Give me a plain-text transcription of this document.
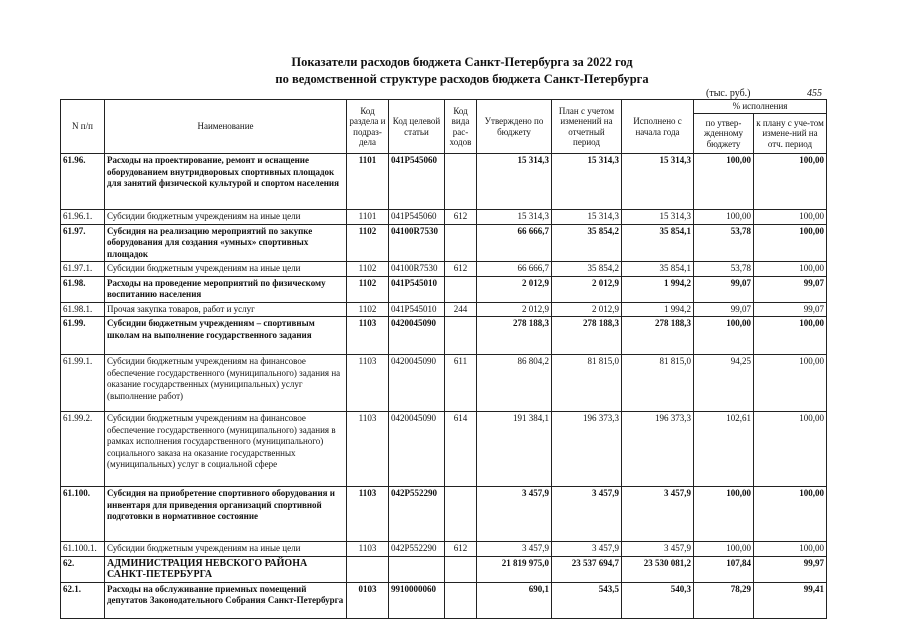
Показатели расходов бюджета Санкт-Петербурга за 2022 год
по ведомственной структуре расходов бюджета Санкт-Петербурга
(тыс. руб.)	455
N п/п	Наименование	Код раздела и подраз-дела	Код целевой статьи	Код вида рас-ходов	Утверждено по бюджету	План с учетом изменений на отчетный период	Исполнено с начала года	% исполнения	
								по утвер-жденному бюджету	к плану с уче-том измене-ний на отч. период
61.96.	Расходы на проектирование, ремонт и оснащение оборудованием внутридворовых спортивных площадок для занятий физической культурой и спортом населения	1101	041P545060		15 314,3	15 314,3	15 314,3	100,00	100,00
61.96.1.	Субсидии бюджетным учреждениям на иные цели	1101	041P545060	612	15 314,3	15 314,3	15 314,3	100,00	100,00
61.97.	Субсидия на реализацию мероприятий по закупке оборудования для создания «умных» спортивных площадок	1102	04100R7530		66 666,7	35 854,2	35 854,1	53,78	100,00
61.97.1.	Субсидии бюджетным учреждениям на иные цели	1102	04100R7530	612	66 666,7	35 854,2	35 854,1	53,78	100,00
61.98.	Расходы на проведение мероприятий по физическому воспитанию населения	1102	041P545010		2 012,9	2 012,9	1 994,2	99,07	99,07
61.98.1.	Прочая закупка товаров, работ и услуг	1102	041P545010	244	2 012,9	2 012,9	1 994,2	99,07	99,07
61.99.	Субсидии бюджетным учреждениям – спортивным школам на выполнение государственного задания	1103	0420045090		278 188,3	278 188,3	278 188,3	100,00	100,00
61.99.1.	Субсидии бюджетным учреждениям на финансовое обеспечение государственного (муниципального) задания на оказание государственных (муниципальных) услуг (выполнение работ)	1103	0420045090	611	86 804,2	81 815,0	81 815,0	94,25	100,00
61.99.2.	Субсидии бюджетным учреждениям на финансовое обеспечение государственного (муниципального) задания в рамках исполнения государственного (муниципального) социального заказа на оказание государственных (муниципальных) услуг в социальной сфере	1103	0420045090	614	191 384,1	196 373,3	196 373,3	102,61	100,00
61.100.	Субсидия на приобретение спортивного оборудования и инвентаря для приведения организаций спортивной подготовки в нормативное состояние	1103	042P552290		3 457,9	3 457,9	3 457,9	100,00	100,00
61.100.1.	Субсидии бюджетным учреждениям на иные цели	1103	042P552290	612	3 457,9	3 457,9	3 457,9	100,00	100,00
62.	АДМИНИСТРАЦИЯ НЕВСКОГО РАЙОНА САНКТ-ПЕТЕРБУРГА				21 819 975,0	23 537 694,7	23 530 081,2	107,84	99,97
62.1.	Расходы на обслуживание приемных помещений депутатов Законодательного Собрания Санкт-Петербурга	0103	9910000060		690,1	543,5	540,3	78,29	99,41
